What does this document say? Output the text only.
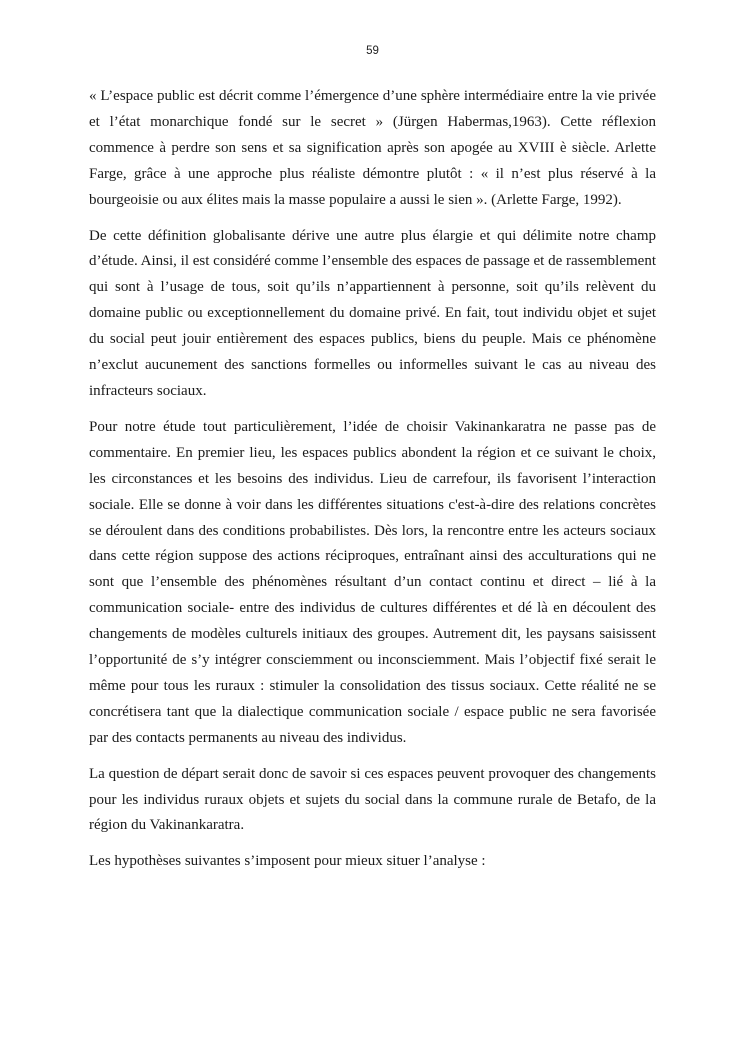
59

« L’espace public est décrit comme l’émergence d’une sphère intermédiaire entre la vie privée et l’état monarchique fondé sur le secret » (Jürgen Habermas,1963). Cette réflexion commence à perdre son sens et sa signification après son apogée au XVIII è siècle. Arlette Farge, grâce à une approche plus réaliste démontre plutôt : « il n’est plus réservé à la bourgeoisie ou aux élites mais la masse populaire a aussi le sien ». (Arlette Farge, 1992).

De cette définition globalisante dérive une autre plus élargie et qui délimite notre champ d’étude. Ainsi, il est considéré comme l’ensemble des espaces de passage et de rassemblement qui sont à l’usage de tous, soit qu’ils n’appartiennent à personne, soit qu’ils relèvent du domaine public ou exceptionnellement du domaine privé. En fait, tout individu objet et sujet du social peut jouir entièrement des espaces publics, biens du peuple. Mais ce phénomène n’exclut aucunement des sanctions formelles ou informelles suivant le cas au niveau des infracteurs sociaux.

Pour notre étude tout particulièrement, l’idée de choisir Vakinankaratra ne passe pas de commentaire. En premier lieu, les espaces publics abondent la région et ce suivant le choix, les circonstances et les besoins des individus. Lieu de carrefour, ils favorisent l’interaction sociale. Elle se donne à voir dans les différentes situations c'est-à-dire des relations concrètes se déroulent dans des conditions probabilistes. Dès lors, la rencontre entre les acteurs sociaux dans cette région suppose des actions réciproques, entraînant ainsi des acculturations qui ne sont que l’ensemble des phénomènes résultant d’un contact continu et direct – lié à la communication sociale- entre des individus de cultures différentes et dé là en découlent des changements de modèles culturels initiaux des groupes. Autrement dit, les paysans saisissent l’opportunité de s’y intégrer consciemment ou inconsciemment. Mais l’objectif fixé serait le même pour tous les ruraux : stimuler la consolidation des tissus sociaux. Cette réalité ne se concrétisera tant que la dialectique communication sociale / espace public ne sera favorisée par des contacts permanents au niveau des individus.

La question de départ serait donc de savoir si ces espaces peuvent provoquer des changements pour les individus ruraux objets et sujets du social dans la commune rurale de Betafo, de la région du Vakinankaratra.

Les hypothèses suivantes s’imposent pour mieux situer l’analyse :
